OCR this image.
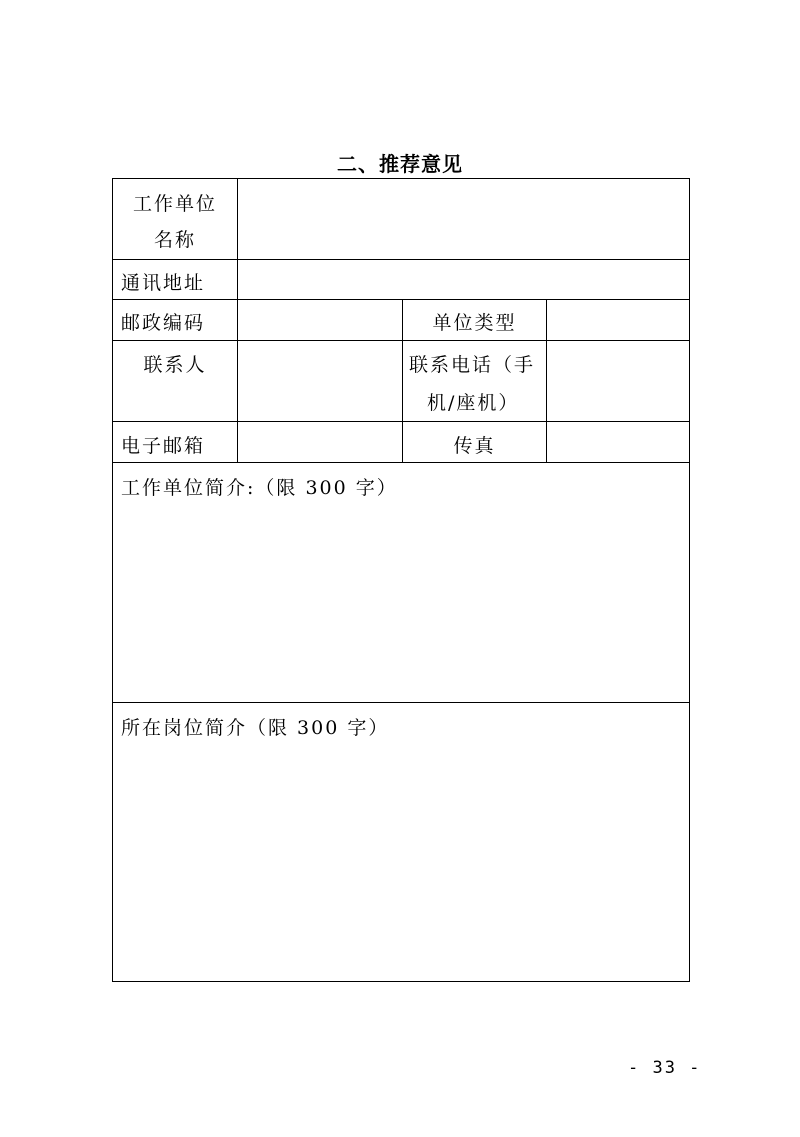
二、推荐意见
工作单位
名称
通讯地址
邮政编码	单位类型
联系人	联系电话（手
机/座机）
电子邮箱	传真
工作单位简介:（限 300 字）
所在岗位简介（限 300 字）
- 33 -
